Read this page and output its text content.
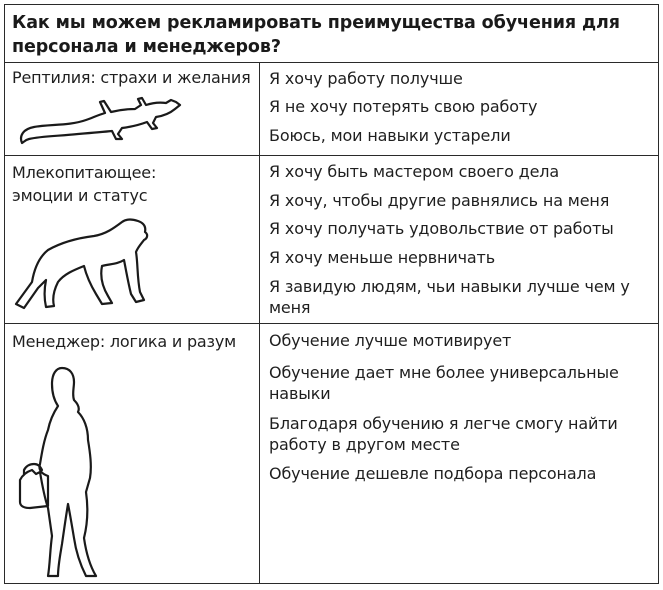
Как мы можем рекламировать преимущества обучения для персонала и менеджеров?
Рептилия: страхи и желания Я хочу работу получше
Я не хочу потерять свою работу
Боюсь, мои навыки устарели
Млекопитающее: эмоции и статус
Я хочу быть мастером своего дела
Я хочу, чтобы другие равнялись на меня
Я хочу получать удовольствие от работы
Я хочу меньше нервничать
Я завидую людям, чьи навыки лучше чем у меня
Менеджер: логика и разум	Обучение лучше мотивирует
Обучение дает мне более универсальные навыки
Благодаря обучению я легче смогу найти работу в другом месте
Обучение дешевле подбора персонала
